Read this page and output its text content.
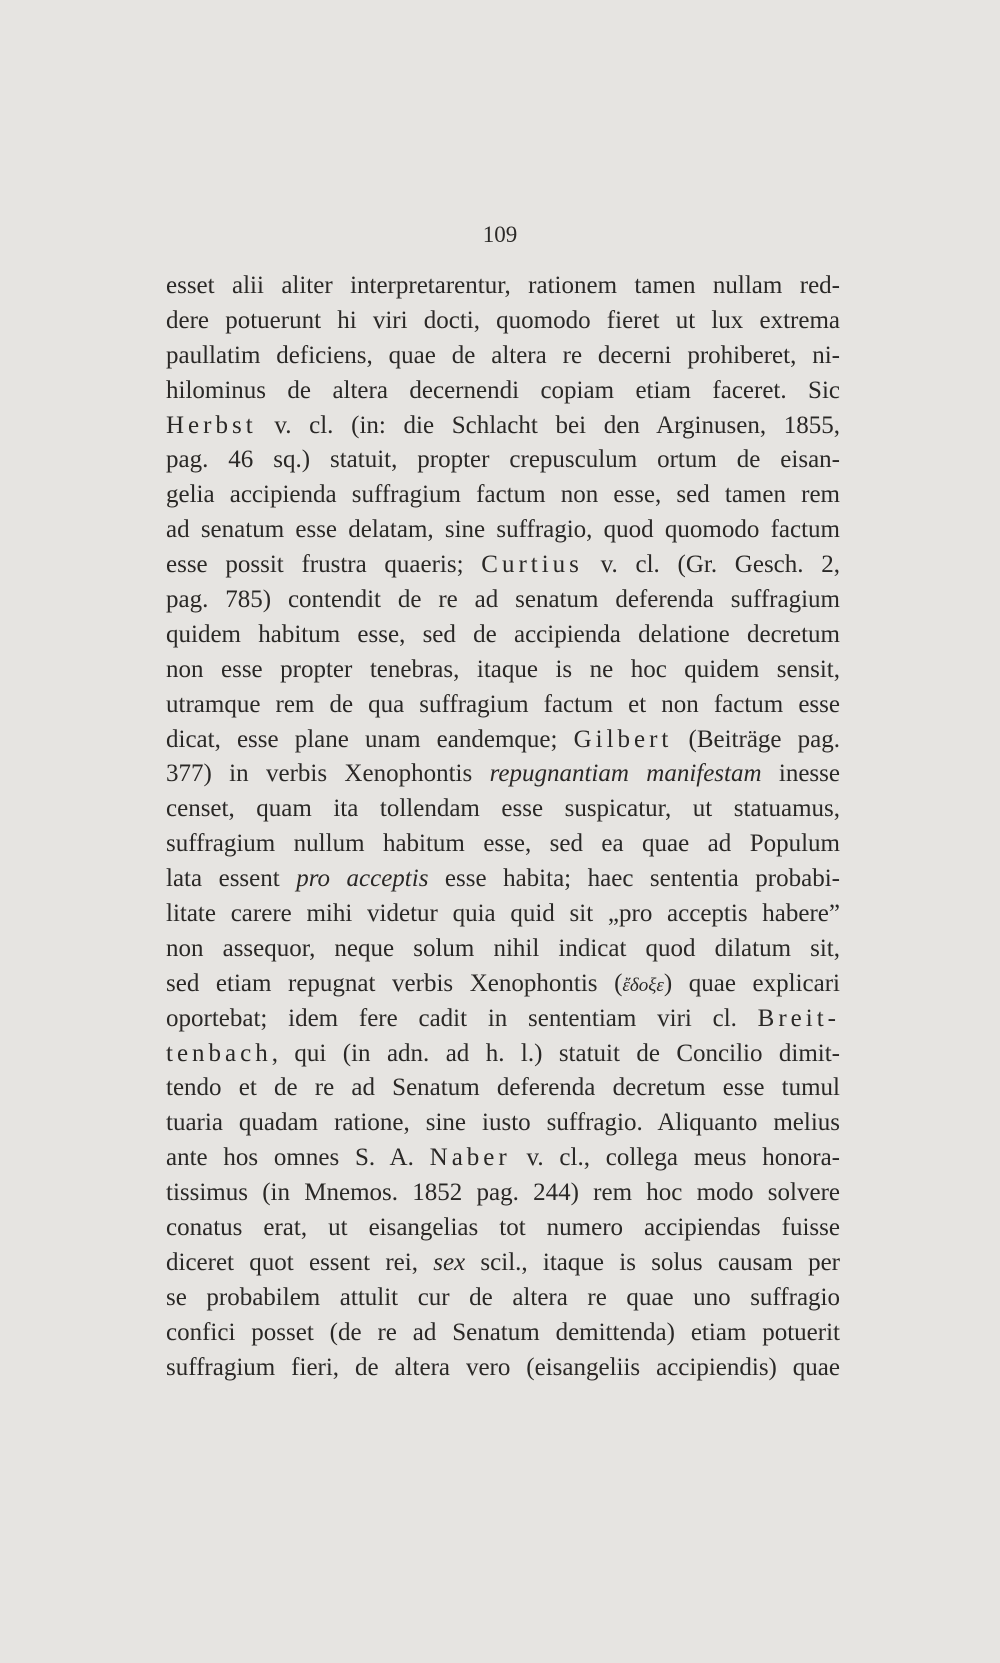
109
esset alii aliter interpretarentur, rationem tamen nullam red-
dere potuerunt hi viri docti, quomodo fieret ut lux extrema
paullatim deficiens, quae de altera re decerni prohiberet, ni-
hilominus de altera decernendi copiam etiam faceret. Sic
Herbst v. cl. (in: die Schlacht bei den Arginusen, 1855,
pag. 46 sq.) statuit, propter crepusculum ortum de eisan-
gelia accipienda suffragium factum non esse, sed tamen rem
ad senatum esse delatam, sine suffragio, quod quomodo factum
esse possit frustra quaeris; Curtius v. cl. (Gr. Gesch. 2,
pag. 785) contendit de re ad senatum deferenda suffragium
quidem habitum esse, sed de accipienda delatione decretum
non esse propter tenebras, itaque is ne hoc quidem sensit,
utramque rem de qua suffragium factum et non factum esse
dicat, esse plane unam eandemque; Gilbert (Beiträge pag.
377) in verbis Xenophontis repugnantiam manifestam inesse
censet, quam ita tollendam esse suspicatur, ut statuamus,
suffragium nullum habitum esse, sed ea quae ad Populum
lata essent pro acceptis esse habita; haec sententia probabi-
litate carere mihi videtur quia quid sit „pro acceptis habere”
non assequor, neque solum nihil indicat quod dilatum sit,
sed etiam repugnat verbis Xenophontis (ἔδοξε) quae explicari
oportebat; idem fere cadit in sententiam viri cl. Breit-
tenbach, qui (in adn. ad h. l.) statuit de Concilio dimit-
tendo et de re ad Senatum deferenda decretum esse tumul
tuaria quadam ratione, sine iusto suffragio. Aliquanto melius
ante hos omnes S. A. Naber v. cl., collega meus honora-
tissimus (in Mnemos. 1852 pag. 244) rem hoc modo solvere
conatus erat, ut eisangelias tot numero accipiendas fuisse
diceret quot essent rei, sex scil., itaque is solus causam per
se probabilem attulit cur de altera re quae uno suffragio
confici posset (de re ad Senatum demittenda) etiam potuerit
suffragium fieri, de altera vero (eisangeliis accipiendis) quae
